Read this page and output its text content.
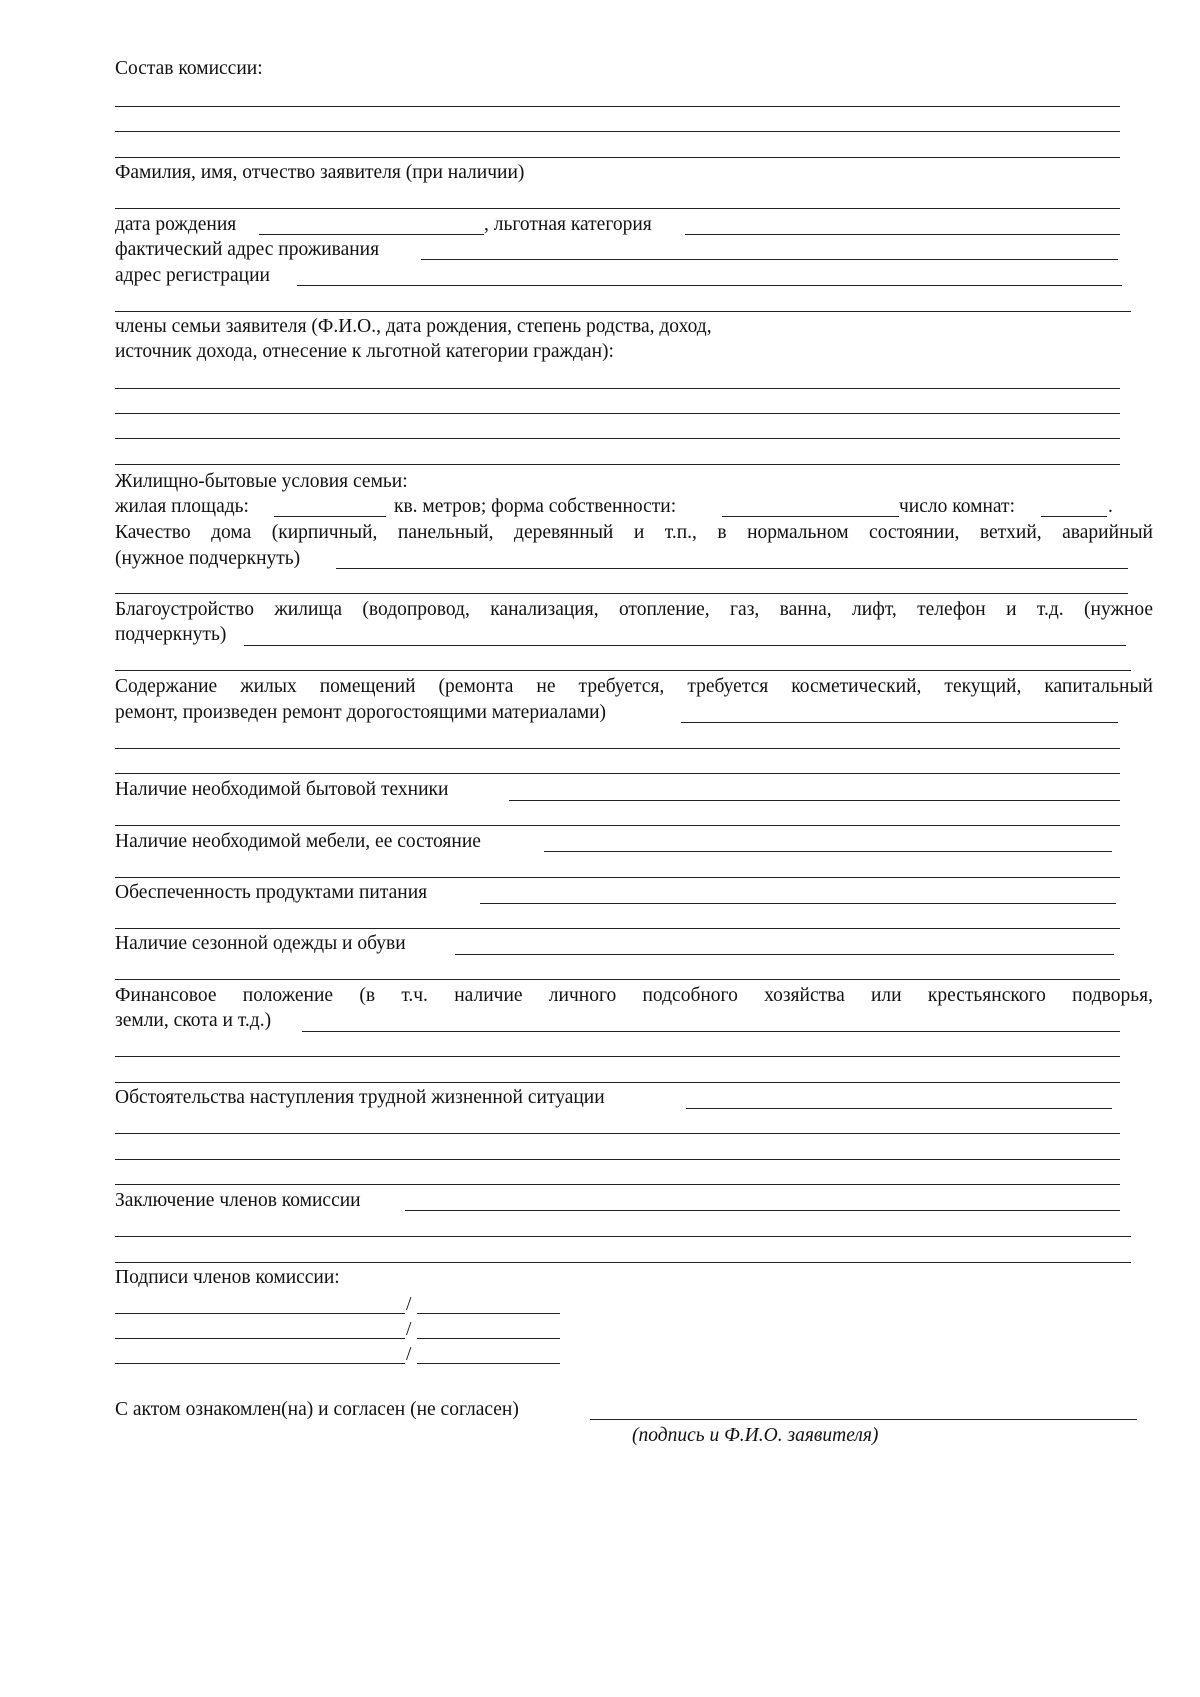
Состав комиссии:
Фамилия, имя, отчество заявителя (при наличии)
дата рождения	, льготная категория
фактический адрес проживания
адрес регистрации
члены семьи заявителя (Ф.И.О., дата рождения, степень родства, доход,
источник дохода, отнесение к льготной категории граждан):
Жилищно-бытовые условия семьи:
жилая площадь:	кв. метров; форма собственности:	число комнат:	.
Качество дома (кирпичный, панельный, деревянный и т.п., в нормальном состоянии, ветхий, аварийный
(нужное подчеркнуть)
Благоустройство жилища (водопровод, канализация, отопление, газ, ванна, лифт, телефон и т.д. (нужное
подчеркнуть)
Содержание жилых помещений (ремонта не требуется, требуется косметический, текущий, капитальный
ремонт, произведен ремонт дорогостоящими материалами)
Наличие необходимой бытовой техники
Наличие необходимой мебели, ее состояние
Обеспеченность продуктами питания
Наличие сезонной одежды и обуви
Финансовое положение (в т.ч. наличие личного подсобного хозяйства или крестьянского подворья,
земли, скота и т.д.)
Обстоятельства наступления трудной жизненной ситуации
Заключение членов комиссии
Подписи членов комиссии:
/
/
/
С актом ознакомлен(на) и согласен (не согласен)
(подпись и Ф.И.О. заявителя)
